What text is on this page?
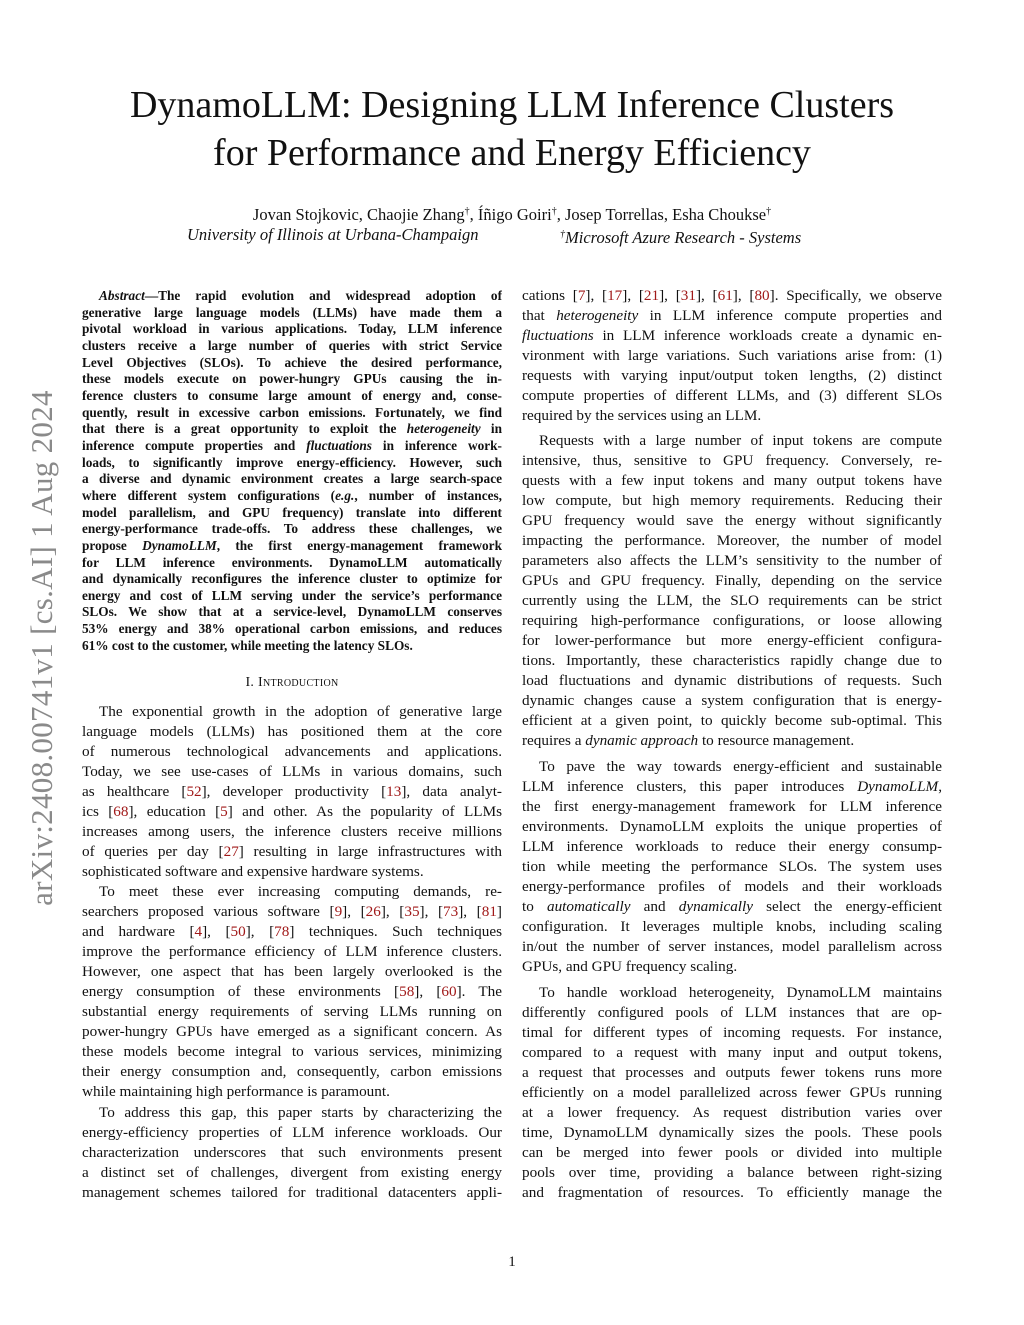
DynamoLLM: Designing LLM Inference Clusters
for Performance and Energy Efficiency
Jovan Stojkovic, Chaojie Zhang†, Íñigo Goiri†, Josep Torrellas, Esha Choukse†
University of Illinois at Urbana-Champaign	†Microsoft Azure Research - Systems
arXiv:2408.00741v1 [cs.AI] 1 Aug 2024
Abstract—The rapid evolution and widespread adoption of
generative large language models (LLMs) have made them a
pivotal workload in various applications. Today, LLM inference
clusters receive a large number of queries with strict Service
Level Objectives (SLOs). To achieve the desired performance,
these models execute on power-hungry GPUs causing the in-
ference clusters to consume large amount of energy and, conse-
quently, result in excessive carbon emissions. Fortunately, we find
that there is a great opportunity to exploit the heterogeneity in
inference compute properties and fluctuations in inference work-
loads, to significantly improve energy-efficiency. However, such
a diverse and dynamic environment creates a large search-space
where different system configurations (e.g., number of instances,
model parallelism, and GPU frequency) translate into different
energy-performance trade-offs. To address these challenges, we
propose DynamoLLM, the first energy-management framework
for LLM inference environments. DynamoLLM automatically
and dynamically reconfigures the inference cluster to optimize for
energy and cost of LLM serving under the service’s performance
SLOs. We show that at a service-level, DynamoLLM conserves
53% energy and 38% operational carbon emissions, and reduces
61% cost to the customer, while meeting the latency SLOs.
I. Introduction
The exponential growth in the adoption of generative large
language models (LLMs) has positioned them at the core
of numerous technological advancements and applications.
Today, we see use-cases of LLMs in various domains, such
as healthcare [52], developer productivity [13], data analyt-
ics [68], education [5] and other. As the popularity of LLMs
increases among users, the inference clusters receive millions
of queries per day [27] resulting in large infrastructures with
sophisticated software and expensive hardware systems.
To meet these ever increasing computing demands, re-
searchers proposed various software [9], [26], [35], [73], [81]
and hardware [4], [50], [78] techniques. Such techniques
improve the performance efficiency of LLM inference clusters.
However, one aspect that has been largely overlooked is the
energy consumption of these environments [58], [60]. The
substantial energy requirements of serving LLMs running on
power-hungry GPUs have emerged as a significant concern. As
these models become integral to various services, minimizing
their energy consumption and, consequently, carbon emissions
while maintaining high performance is paramount.
To address this gap, this paper starts by characterizing the
energy-efficiency properties of LLM inference workloads. Our
characterization underscores that such environments present
a distinct set of challenges, divergent from existing energy
management schemes tailored for traditional datacenters appli-
cations [7], [17], [21], [31], [61], [80]. Specifically, we observe
that heterogeneity in LLM inference compute properties and
fluctuations in LLM inference workloads create a dynamic en-
vironment with large variations. Such variations arise from: (1)
requests with varying input/output token lengths, (2) distinct
compute properties of different LLMs, and (3) different SLOs
required by the services using an LLM.
Requests with a large number of input tokens are compute
intensive, thus, sensitive to GPU frequency. Conversely, re-
quests with a few input tokens and many output tokens have
low compute, but high memory requirements. Reducing their
GPU frequency would save the energy without significantly
impacting the performance. Moreover, the number of model
parameters also affects the LLM’s sensitivity to the number of
GPUs and GPU frequency. Finally, depending on the service
currently using the LLM, the SLO requirements can be strict
requiring high-performance configurations, or loose allowing
for lower-performance but more energy-efficient configura-
tions. Importantly, these characteristics rapidly change due to
load fluctuations and dynamic distributions of requests. Such
dynamic changes cause a system configuration that is energy-
efficient at a given point, to quickly become sub-optimal. This
requires a dynamic approach to resource management.
To pave the way towards energy-efficient and sustainable
LLM inference clusters, this paper introduces DynamoLLM,
the first energy-management framework for LLM inference
environments. DynamoLLM exploits the unique properties of
LLM inference workloads to reduce their energy consump-
tion while meeting the performance SLOs. The system uses
energy-performance profiles of models and their workloads
to automatically and dynamically select the energy-efficient
configuration. It leverages multiple knobs, including scaling
in/out the number of server instances, model parallelism across
GPUs, and GPU frequency scaling.
To handle workload heterogeneity, DynamoLLM maintains
differently configured pools of LLM instances that are op-
timal for different types of incoming requests. For instance,
compared to a request with many input and output tokens,
a request that processes and outputs fewer tokens runs more
efficiently on a model parallelized across fewer GPUs running
at a lower frequency. As request distribution varies over
time, DynamoLLM dynamically sizes the pools. These pools
can be merged into fewer pools or divided into multiple
pools over time, providing a balance between right-sizing
and fragmentation of resources. To efficiently manage the
1
